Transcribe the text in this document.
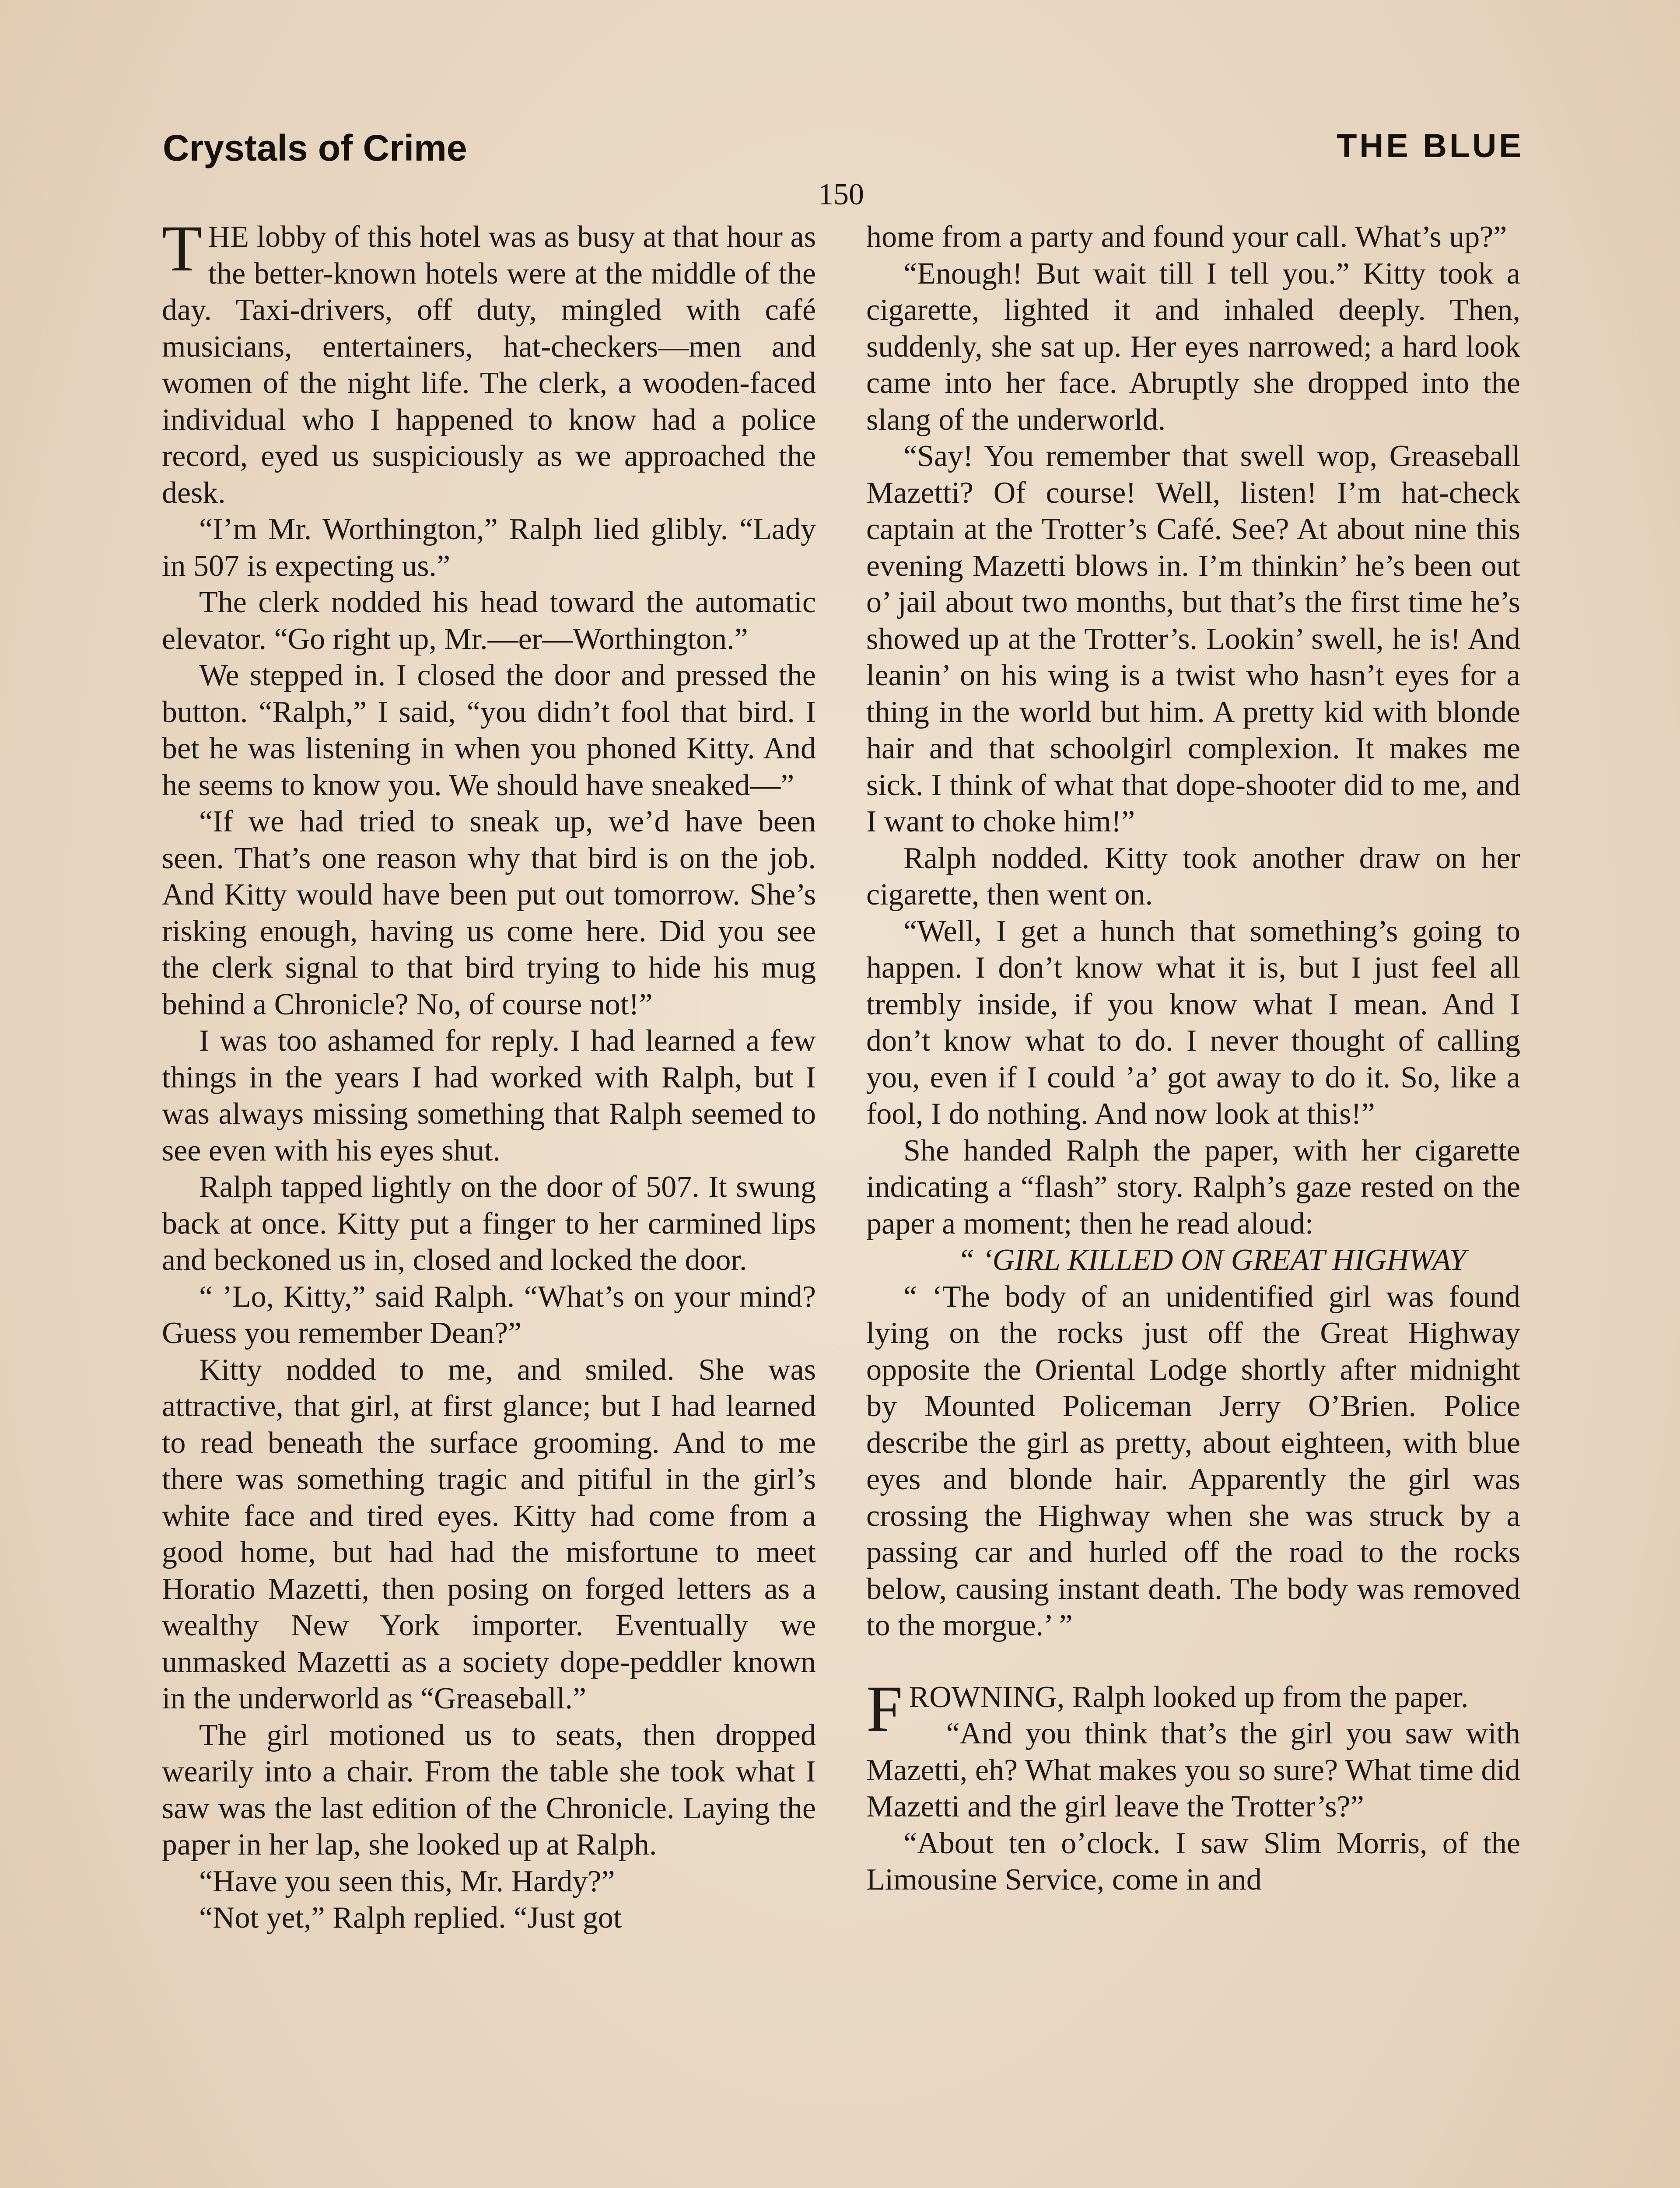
Crystals of Crime	THE BLUE
150

THE lobby of this hotel was as busy at that hour as the better-known hotels were at the middle of the day. Taxi-drivers, off duty, mingled with café musicians, entertainers, hat-checkers—men and women of the night life. The clerk, a wooden-faced individual who I happened to know had a police record, eyed us suspiciously as we approached the desk.

“I’m Mr. Worthington,” Ralph lied glibly. “Lady in 507 is expecting us.”

The clerk nodded his head toward the automatic elevator. “Go right up, Mr.—er—Worthington.”

We stepped in. I closed the door and pressed the button. “Ralph,” I said, “you didn’t fool that bird. I bet he was listening in when you phoned Kitty. And he seems to know you. We should have sneaked—”

“If we had tried to sneak up, we’d have been seen. That’s one reason why that bird is on the job. And Kitty would have been put out tomorrow. She’s risking enough, having us come here. Did you see the clerk signal to that bird trying to hide his mug behind a Chronicle? No, of course not!”

I was too ashamed for reply. I had learned a few things in the years I had worked with Ralph, but I was always missing something that Ralph seemed to see even with his eyes shut.

Ralph tapped lightly on the door of 507. It swung back at once. Kitty put a finger to her carmined lips and beckoned us in, closed and locked the door.

“ ’Lo, Kitty,” said Ralph. “What’s on your mind? Guess you remember Dean?”

Kitty nodded to me, and smiled. She was attractive, that girl, at first glance; but I had learned to read beneath the surface grooming. And to me there was something tragic and pitiful in the girl’s white face and tired eyes. Kitty had come from a good home, but had had the misfortune to meet Horatio Mazetti, then posing on forged letters as a wealthy New York importer. Eventually we unmasked Mazetti as a society dope-peddler known in the underworld as “Greaseball.”

The girl motioned us to seats, then dropped wearily into a chair. From the table she took what I saw was the last edition of the Chronicle. Laying the paper in her lap, she looked up at Ralph.

“Have you seen this, Mr. Hardy?”

“Not yet,” Ralph replied. “Just got

home from a party and found your call. What’s up?”

“Enough! But wait till I tell you.” Kitty took a cigarette, lighted it and inhaled deeply. Then, suddenly, she sat up. Her eyes narrowed; a hard look came into her face. Abruptly she dropped into the slang of the underworld.

“Say! You remember that swell wop, Greaseball Mazetti? Of course! Well, listen! I’m hat-check captain at the Trotter’s Café. See? At about nine this evening Mazetti blows in. I’m thinkin’ he’s been out o’ jail about two months, but that’s the first time he’s showed up at the Trotter’s. Lookin’ swell, he is! And leanin’ on his wing is a twist who hasn’t eyes for a thing in the world but him. A pretty kid with blonde hair and that schoolgirl complexion. It makes me sick. I think of what that dope-shooter did to me, and I want to choke him!”

Ralph nodded. Kitty took another draw on her cigarette, then went on.

“Well, I get a hunch that something’s going to happen. I don’t know what it is, but I just feel all trembly inside, if you know what I mean. And I don’t know what to do. I never thought of calling you, even if I could ’a’ got away to do it. So, like a fool, I do nothing. And now look at this!”

She handed Ralph the paper, with her cigarette indicating a “flash” story. Ralph’s gaze rested on the paper a moment; then he read aloud:

“ ‘GIRL KILLED ON GREAT HIGHWAY

“ ‘The body of an unidentified girl was found lying on the rocks just off the Great Highway opposite the Oriental Lodge shortly after midnight by Mounted Policeman Jerry O’Brien. Police describe the girl as pretty, about eighteen, with blue eyes and blonde hair. Apparently the girl was crossing the Highway when she was struck by a passing car and hurled off the road to the rocks below, causing instant death. The body was removed to the morgue.’ ”

FROWNING, Ralph looked up from the paper.

“And you think that’s the girl you saw with Mazetti, eh? What makes you so sure? What time did Mazetti and the girl leave the Trotter’s?”

“About ten o’clock. I saw Slim Morris, of the Limousine Service, come in and
